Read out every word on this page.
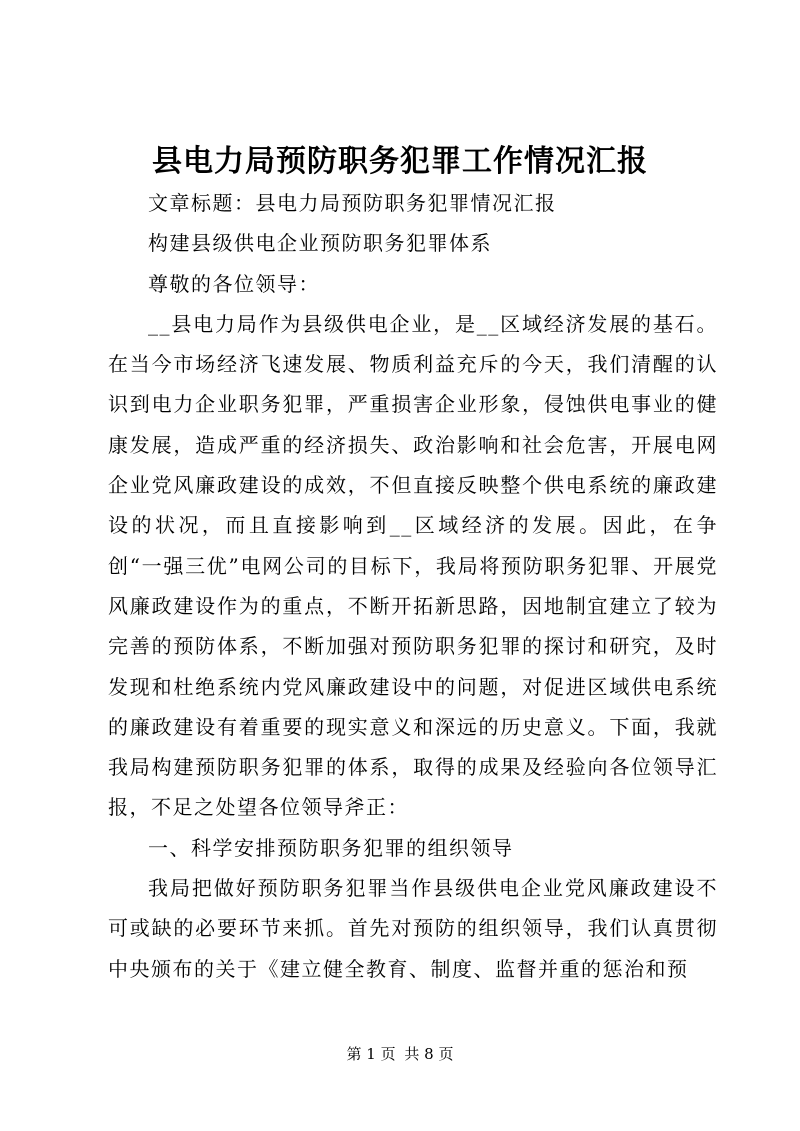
县电力局预防职务犯罪工作情况汇报

文章标题：县电力局预防职务犯罪情况汇报

构建县级供电企业预防职务犯罪体系

尊敬的各位领导：

__县电力局作为县级供电企业，是__区域经济发展的基石。在当今市场经济飞速发展、物质利益充斥的今天，我们清醒的认识到电力企业职务犯罪，严重损害企业形象，侵蚀供电事业的健康发展，造成严重的经济损失、政治影响和社会危害，开展电网企业党风廉政建设的成效，不但直接反映整个供电系统的廉政建设的状况，而且直接影响到__区域经济的发展。因此，在争创“一强三优”电网公司的目标下，我局将预防职务犯罪、开展党风廉政建设作为的重点，不断开拓新思路，因地制宜建立了较为完善的预防体系，不断加强对预防职务犯罪的探讨和研究，及时发现和杜绝系统内党风廉政建设中的问题，对促进区域供电系统的廉政建设有着重要的现实意义和深远的历史意义。下面，我就我局构建预防职务犯罪的体系，取得的成果及经验向各位领导汇报，不足之处望各位领导斧正：

一、科学安排预防职务犯罪的组织领导

我局把做好预防职务犯罪当作县级供电企业党风廉政建设不可或缺的必要环节来抓。首先对预防的组织领导，我们认真贯彻中央颁布的关于《建立健全教育、制度、监督并重的惩治和预

第 1 页 共 8 页
